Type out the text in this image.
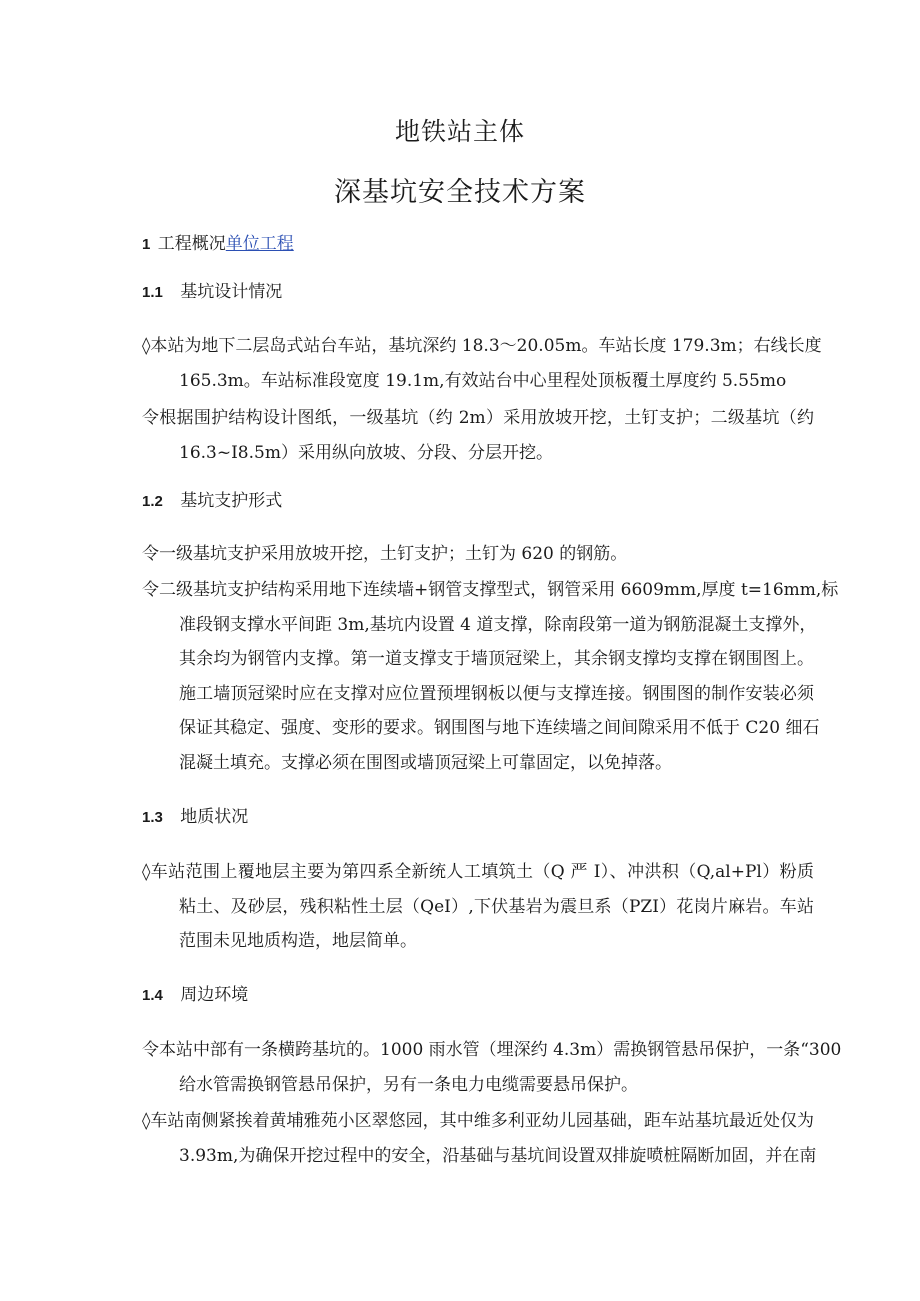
地铁站主体
深基坑安全技术方案
1 工程概况单位工程
1.1 基坑设计情况

◊本站为地下二层岛式站台车站，基坑深约 18.3～20.05m。车站长度 179.3m；右线长度
165.3m。车站标准段宽度 19.1m,有效站台中心里程处顶板覆土厚度约 5.55mo

令根据围护结构设计图纸，一级基坑（约 2m）采用放坡开挖，土钉支护；二级基坑（约
16.3~I8.5m）采用纵向放坡、分段、分层开挖。

1.2 基坑支护形式

令一级基坑支护采用放坡开挖，土钉支护；土钉为 620 的钢筋。

令二级基坑支护结构采用地下连续墙+钢管支撑型式，钢管采用 6609mm,厚度 t=16mm,标
准段钢支撑水平间距 3m,基坑内设置 4 道支撑，除南段第一道为钢筋混凝土支撑外，
其余均为钢管内支撑。第一道支撑支于墙顶冠梁上，其余钢支撑均支撑在钢围图上。
施工墙顶冠梁时应在支撑对应位置预埋钢板以便与支撑连接。钢围图的制作安装必须
保证其稳定、强度、变形的要求。钢围图与地下连续墙之间间隙采用不低于 C20 细石
混凝土填充。支撑必须在围图或墙顶冠梁上可靠固定，以免掉落。

1.3 地质状况

◊车站范围上覆地层主要为第四系全新统人工填筑土（Q 严 I）、冲洪积（Q,al+Pl）粉质
粘土、及砂层，残积粘性土层（QeI）,下伏基岩为震旦系（PZI）花岗片麻岩。车站
范围未见地质构造，地层简单。

1.4 周边环境

令本站中部有一条横跨基坑的。1000 雨水管（埋深约 4.3m）需换钢管悬吊保护，一条“300
给水管需换钢管悬吊保护，另有一条电力电缆需要悬吊保护。

◊车站南侧紧挨着黄埔雅苑小区翠悠园，其中维多利亚幼儿园基础，距车站基坑最近处仅为
3.93m,为确保开挖过程中的安全，沿基础与基坑间设置双排旋喷桩隔断加固，并在南
